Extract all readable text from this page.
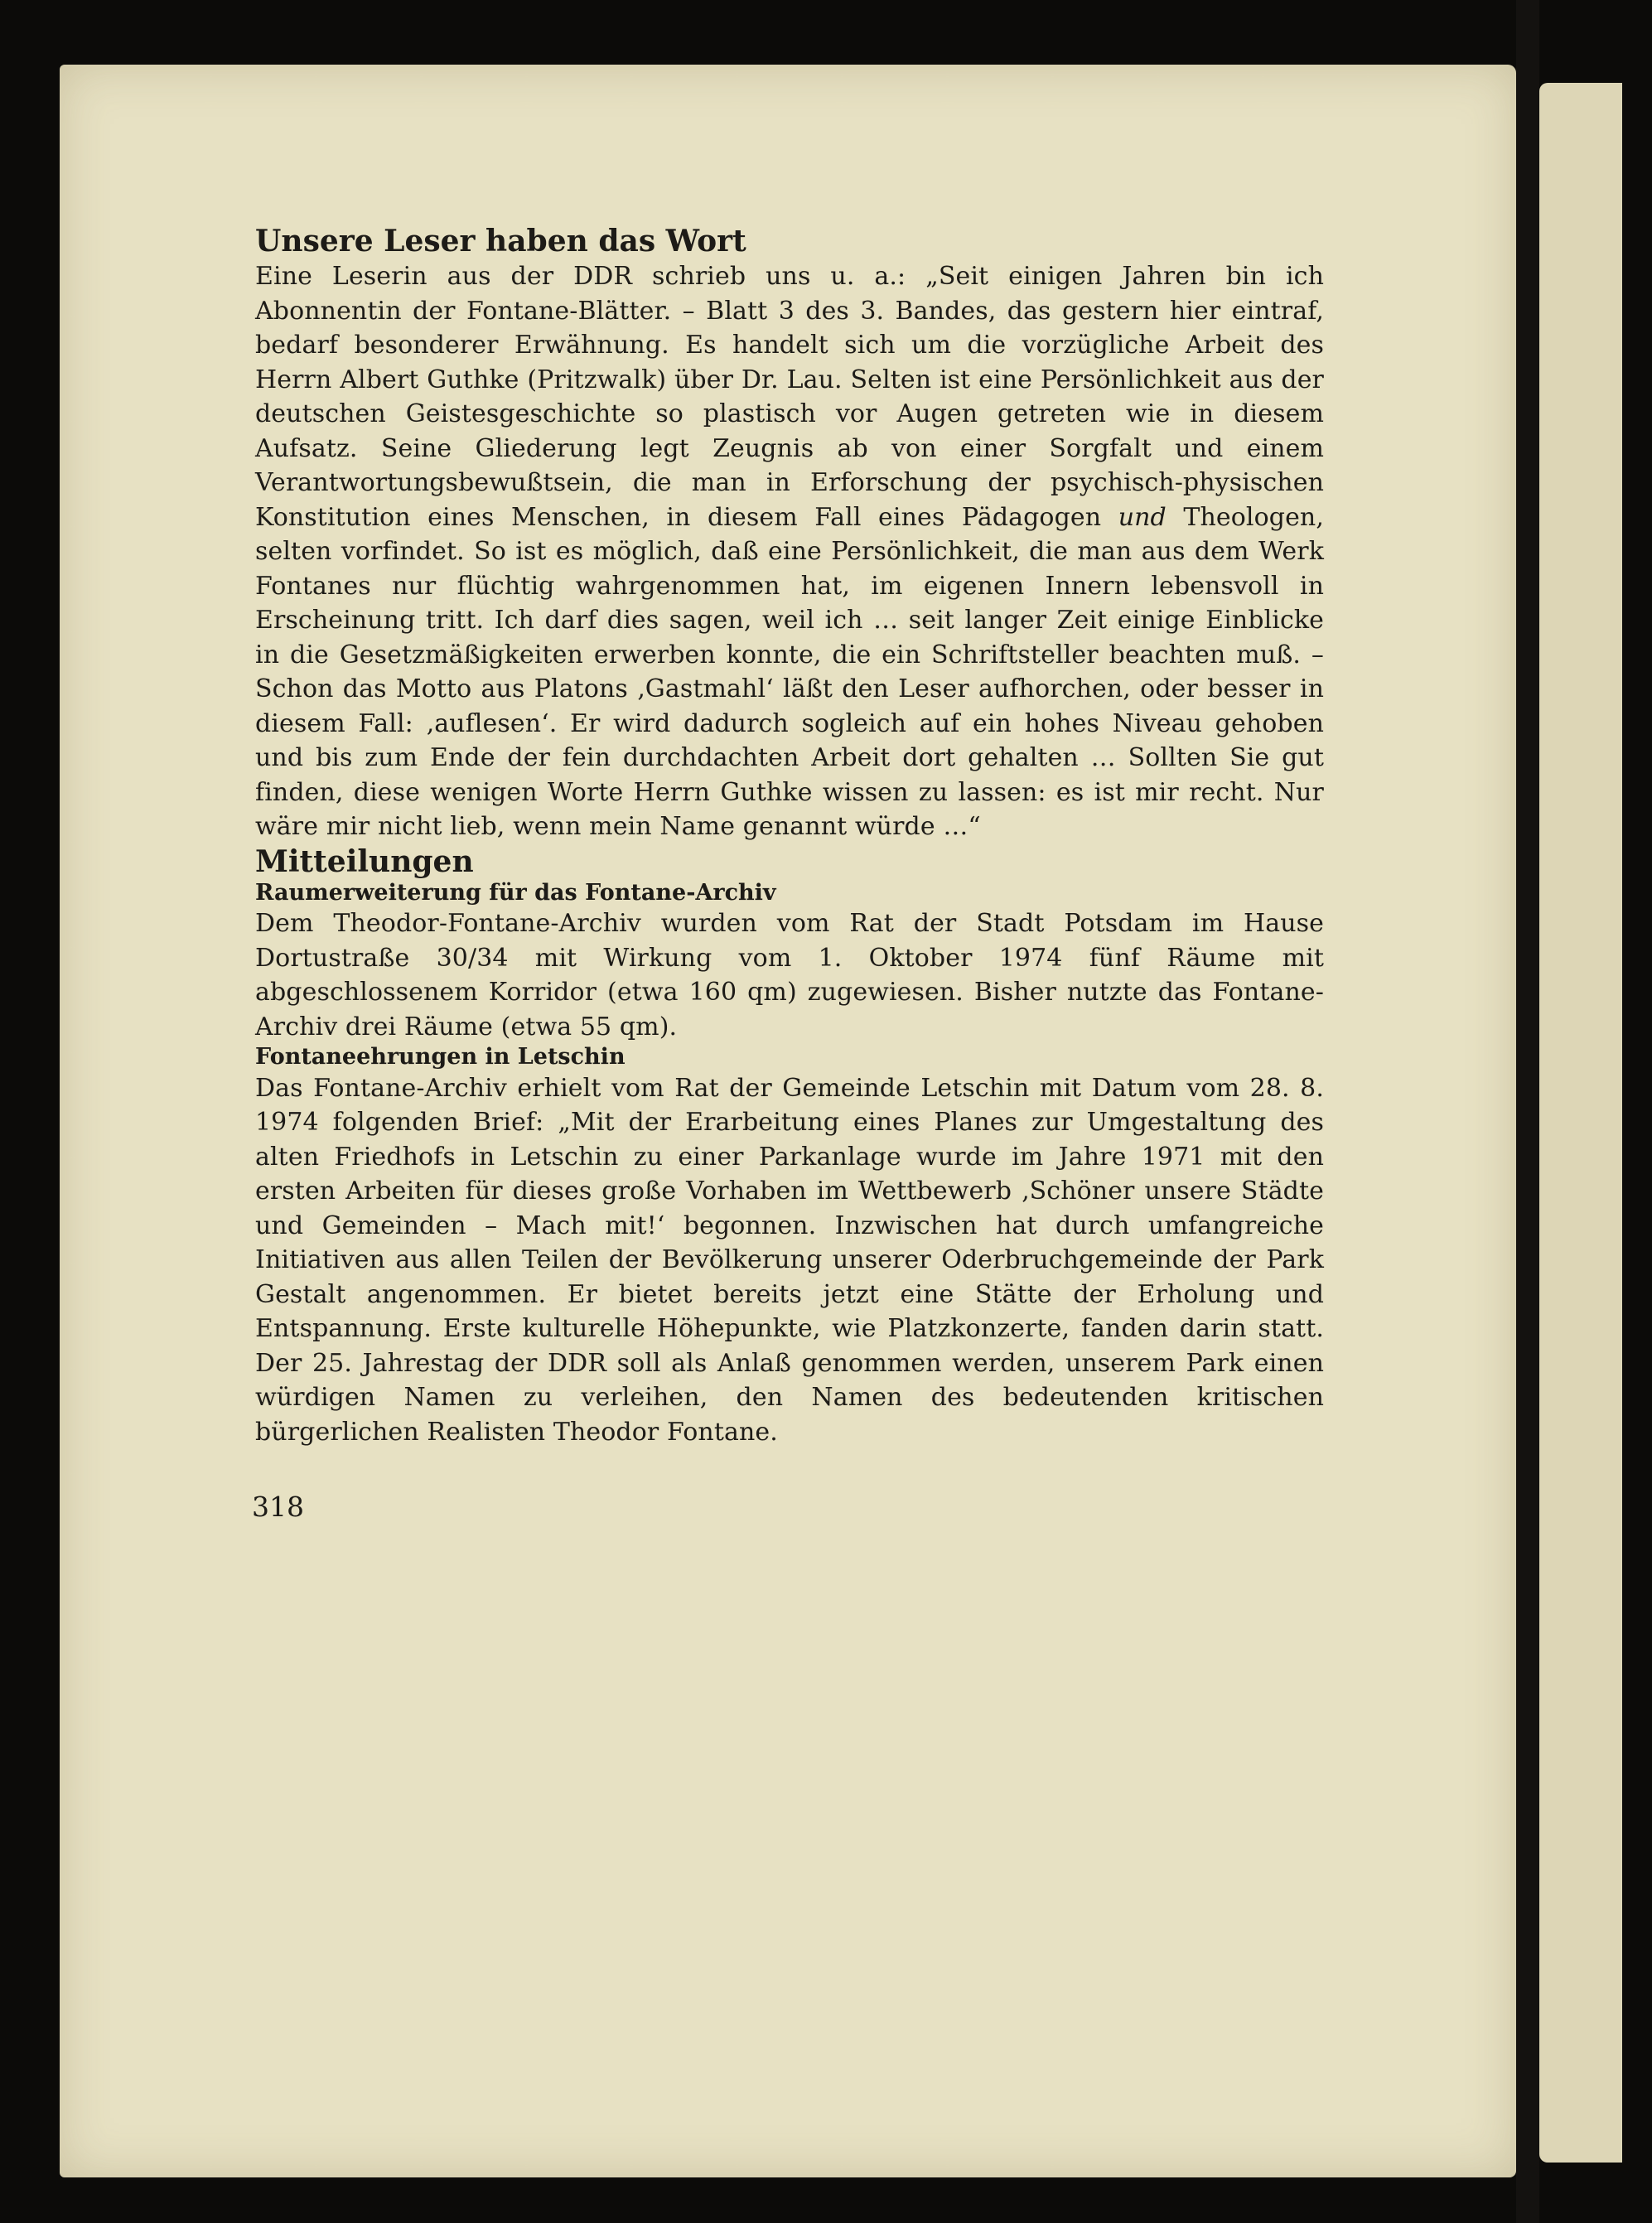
Unsere Leser haben das Wort

Eine Leserin aus der DDR schrieb uns u. a.: „Seit einigen Jahren bin ich Abonnentin der Fontane-Blätter. – Blatt 3 des 3. Bandes, das gestern hier eintraf, bedarf besonderer Erwähnung. Es handelt sich um die vorzügliche Arbeit des Herrn Albert Guthke (Pritzwalk) über Dr. Lau. Selten ist eine Persönlichkeit aus der deutschen Geistesgeschichte so plastisch vor Augen getreten wie in diesem Aufsatz. Seine Gliederung legt Zeugnis ab von einer Sorgfalt und einem Verantwortungsbewußtsein, die man in Erforschung der psychisch-physischen Konstitution eines Menschen, in diesem Fall eines Pädagogen und Theologen, selten vorfindet. So ist es möglich, daß eine Persönlichkeit, die man aus dem Werk Fontanes nur flüchtig wahrgenommen hat, im eigenen Innern lebensvoll in Erscheinung tritt. Ich darf dies sagen, weil ich … seit langer Zeit einige Einblicke in die Gesetzmäßigkeiten erwerben konnte, die ein Schriftsteller beachten muß. – Schon das Motto aus Platons ‚Gastmahl‘ läßt den Leser aufhorchen, oder besser in diesem Fall: ‚auflesen‘. Er wird dadurch sogleich auf ein hohes Niveau gehoben und bis zum Ende der fein durchdachten Arbeit dort gehalten … Sollten Sie gut finden, diese wenigen Worte Herrn Guthke wissen zu lassen: es ist mir recht. Nur wäre mir nicht lieb, wenn mein Name genannt würde …“

Mitteilungen
Raumerweiterung für das Fontane-Archiv

Dem Theodor-Fontane-Archiv wurden vom Rat der Stadt Potsdam im Hause Dortustraße 30/34 mit Wirkung vom 1. Oktober 1974 fünf Räume mit abgeschlossenem Korridor (etwa 160 qm) zugewiesen. Bisher nutzte das Fontane-Archiv drei Räume (etwa 55 qm).

Fontaneehrungen in Letschin

Das Fontane-Archiv erhielt vom Rat der Gemeinde Letschin mit Datum vom 28. 8. 1974 folgenden Brief: „Mit der Erarbeitung eines Planes zur Umgestaltung des alten Friedhofs in Letschin zu einer Parkanlage wurde im Jahre 1971 mit den ersten Arbeiten für dieses große Vorhaben im Wettbewerb ‚Schöner unsere Städte und Gemeinden – Mach mit!‘ begonnen. Inzwischen hat durch umfangreiche Initiativen aus allen Teilen der Bevölkerung unserer Oderbruchgemeinde der Park Gestalt angenommen. Er bietet bereits jetzt eine Stätte der Erholung und Entspannung. Erste kulturelle Höhepunkte, wie Platzkonzerte, fanden darin statt. Der 25. Jahrestag der DDR soll als Anlaß genommen werden, unserem Park einen würdigen Namen zu verleihen, den Namen des bedeutenden kritischen bürgerlichen Realisten Theodor Fontane.

318
